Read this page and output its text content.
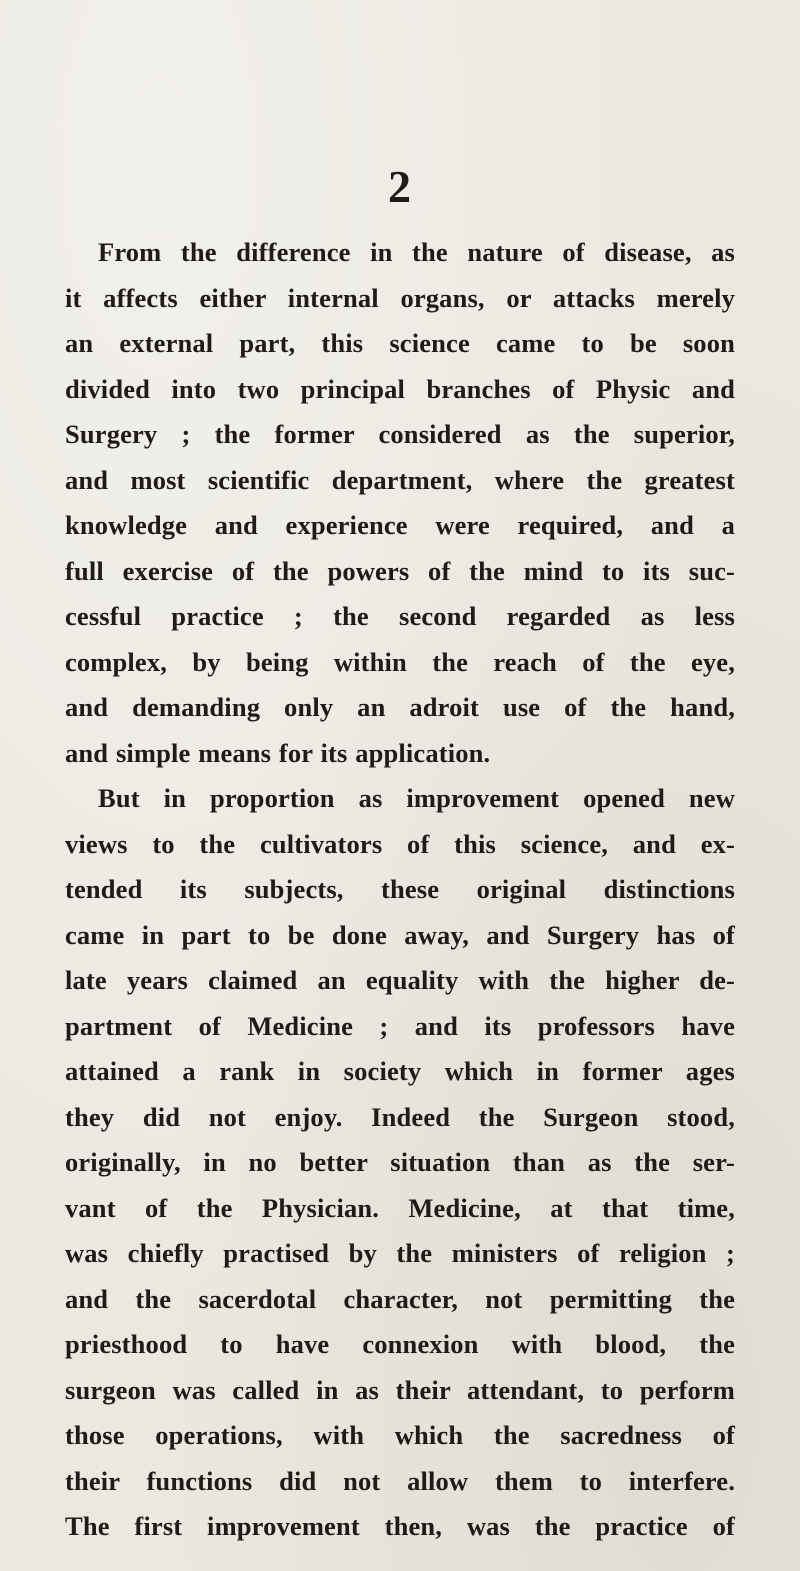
2
From the difference in the nature of disease, as
it affects either internal organs, or attacks merely
an external part, this science came to be soon
divided into two principal branches of Physic and
Surgery ; the former considered as the superior,
and most scientific department, where the greatest
knowledge and experience were required, and a
full exercise of the powers of the mind to its suc-
cessful practice ; the second regarded as less
complex, by being within the reach of the eye,
and demanding only an adroit use of the hand,
and simple means for its application.
But in proportion as improvement opened new
views to the cultivators of this science, and ex-
tended its subjects, these original distinctions
came in part to be done away, and Surgery has of
late years claimed an equality with the higher de-
partment of Medicine ; and its professors have
attained a rank in society which in former ages
they did not enjoy. Indeed the Surgeon stood,
originally, in no better situation than as the ser-
vant of the Physician. Medicine, at that time,
was chiefly practised by the ministers of religion ;
and the sacerdotal character, not permitting the
priesthood to have connexion with blood, the
surgeon was called in as their attendant, to perform
those operations, with which the sacredness of
their functions did not allow them to interfere.
The first improvement then, was the practice of
